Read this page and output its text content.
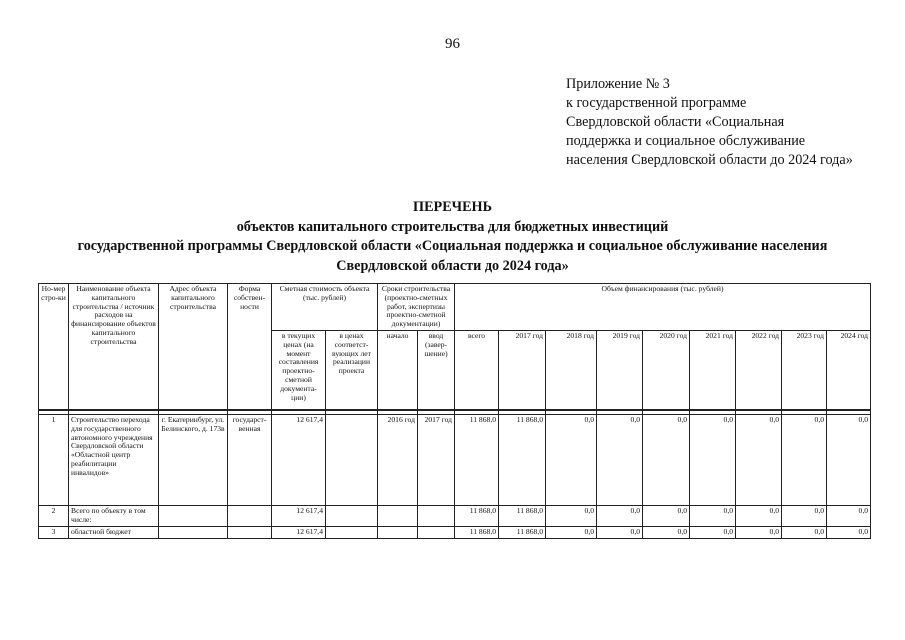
96
Приложение № 3
к государственной программе
Свердловской области «Социальная
поддержка и социальное обслуживание
населения Свердловской области до 2024 года»
ПЕРЕЧЕНЬ
объектов капитального строительства для бюджетных инвестиций
государственной программы Свердловской области «Социальная поддержка и социальное обслуживание населения
Свердловской области до 2024 года»
Но-мер стро-ки	Наименование объекта капитального строительства / источник расходов на финансирование объектов капитального строительства	Адрес объекта капитального строительства	Форма собствен-ности	Сметная стоимость объекта (тыс. рублей)		Сроки строительства (проектно-сметных работ, экспертизы проектно-сметной документации)		Объем финансирования (тыс. рублей)								
				в текущих ценах (на момент составления проектно-сметной документа-ции)	в ценах соответст-вующих лет реализации проекта	начало	ввод (завер-шение)	всего	2017 год	2018 год	2019 год	2020 год	2021 год	2022 год	2023 год	2024 год

1	Строительство перехода для государственного автономного учреждения Свердловской области «Областной центр реабилитации инвалидов»	г. Екатеринбург, ул. Белинского, д. 173в	государст-венная	12 617,4		2016 год	2017 год	11 868,0	11 868,0	0,0	0,0	0,0	0,0	0,0	0,0	0,0
2	Всего по объекту в том числе:			12 617,4				11 868,0	11 868,0	0,0	0,0	0,0	0,0	0,0	0,0	0,0
3	областной бюджет			12 617,4				11 868,0	11 868,0	0,0	0,0	0,0	0,0	0,0	0,0	0,0
